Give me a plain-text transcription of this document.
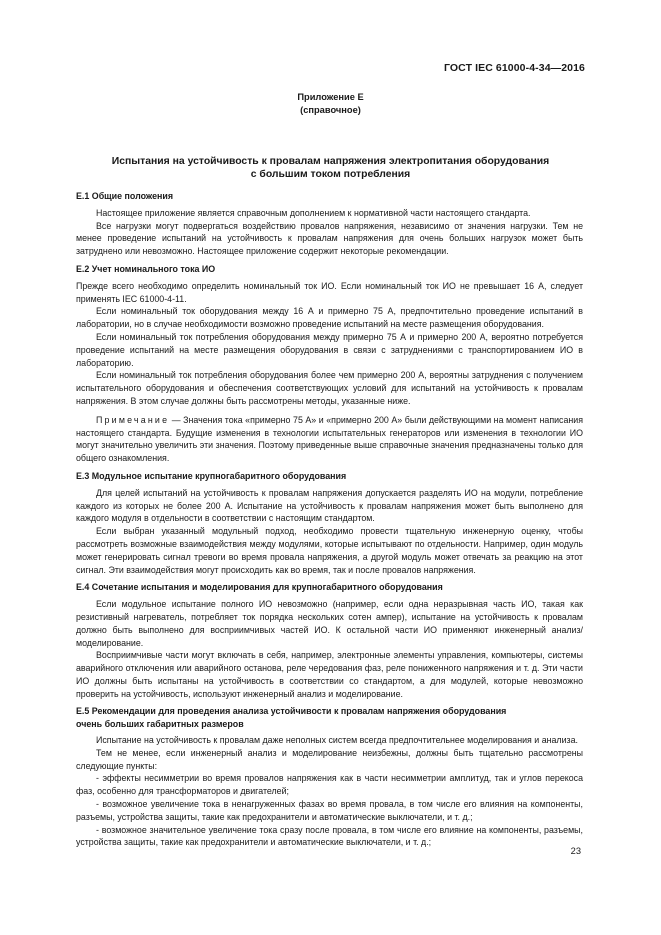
ГОСТ IEC 61000-4-34—2016
Приложение Е
(справочное)
Испытания на устойчивость к провалам напряжения электропитания оборудования
с большим током потребления
Е.1 Общие положения

Настоящее приложение является справочным дополнением к нормативной части настоящего стандарта.

Все нагрузки могут подвергаться воздействию провалов напряжения, независимо от значения нагрузки. Тем не менее проведение испытаний на устойчивость к провалам напряжения для очень больших нагрузок может быть затруднено или невозможно. Настоящее приложение содержит некоторые рекомендации.

Е.2 Учет номинального тока ИО

Прежде всего необходимо определить номинальный ток ИО. Если номинальный ток ИО не превышает 16 А, следует применять IEC 61000-4-11.

Если номинальный ток оборудования между 16 А и примерно 75 А, предпочтительно проведение испытаний в лаборатории, но в случае необходимости возможно проведение испытаний на месте размещения оборудования.

Если номинальный ток потребления оборудования между примерно 75 А и примерно 200 А, вероятно потребуется проведение испытаний на месте размещения оборудования в связи с затруднениями с транспортированием ИО в лабораторию.

Если номинальный ток потребления оборудования более чем примерно 200 А, вероятны затруднения с получением испытательного оборудования и обеспечения соответствующих условий для испытаний на устойчивость к провалам напряжения. В этом случае должны быть рассмотрены методы, указанные ниже.

Примечание — Значения тока «примерно 75 А» и «примерно 200 А» были действующими на момент написания настоящего стандарта. Будущие изменения в технологии испытательных генераторов или изменения в технологии ИО могут значительно увеличить эти значения. Поэтому приведенные выше справочные значения предназначены только для общего ознакомления.

Е.3 Модульное испытание крупногабаритного оборудования

Для целей испытаний на устойчивость к провалам напряжения допускается разделять ИО на модули, потребление каждого из которых не более 200 А. Испытание на устойчивость к провалам напряжения может быть выполнено для каждого модуля в отдельности в соответствии с настоящим стандартом.

Если выбран указанный модульный подход, необходимо провести тщательную инженерную оценку, чтобы рассмотреть возможные взаимодействия между модулями, которые испытывают по отдельности. Например, один модуль может генерировать сигнал тревоги во время провала напряжения, а другой модуль может отвечать за реакцию на этот сигнал. Эти взаимодействия могут происходить как во время, так и после провалов напряжения.

Е.4 Сочетание испытания и моделирования для крупногабаритного оборудования

Если модульное испытание полного ИО невозможно (например, если одна неразрывная часть ИО, такая как резистивный нагреватель, потребляет ток порядка нескольких сотен ампер), испытание на устойчивость к провалам должно быть выполнено для восприимчивых частей ИО. К остальной части ИО применяют инженерный анализ/моделирование.

Восприимчивые части могут включать в себя, например, электронные элементы управления, компьютеры, системы аварийного отключения или аварийного останова, реле чередования фаз, реле пониженного напряжения и т. д. Эти части ИО должны быть испытаны на устойчивость в соответствии со стандартом, а для модулей, которые невозможно проверить на устойчивость, используют инженерный анализ и моделирование.

Е.5 Рекомендации для проведения анализа устойчивости к провалам напряжения оборудования
очень больших габаритных размеров

Испытание на устойчивость к провалам даже неполных систем всегда предпочтительнее моделирования и анализа.

Тем не менее, если инженерный анализ и моделирование неизбежны, должны быть тщательно рассмотрены следующие пункты:

- эффекты несимметрии во время провалов напряжения как в части несимметрии амплитуд, так и углов перекоса фаз, особенно для трансформаторов и двигателей;

- возможное увеличение тока в ненагруженных фазах во время провала, в том числе его влияния на компоненты, разъемы, устройства защиты, такие как предохранители и автоматические выключатели, и т. д.;

- возможное значительное увеличение тока сразу после провала, в том числе его влияние на компоненты, разъемы, устройства защиты, такие как предохранители и автоматические выключатели, и т. д.;

23
